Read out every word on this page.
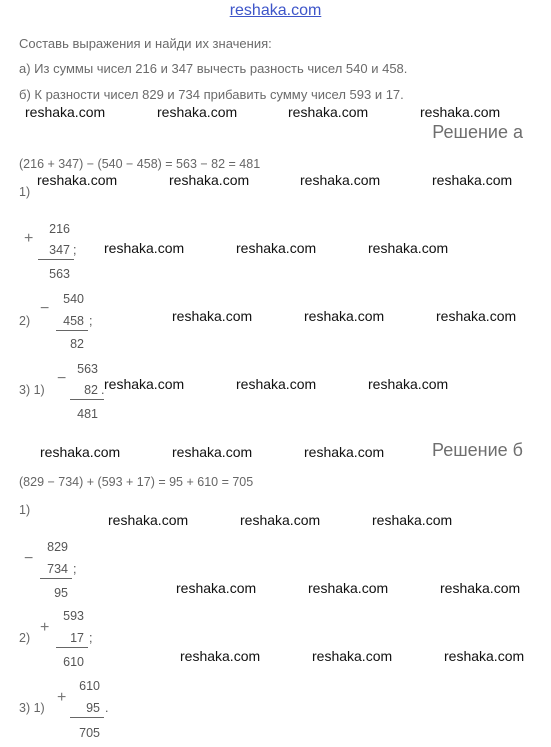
reshaka.com
Составь выражения и найди их значения:
а) Из суммы чисел 216 и 347 вычесть разность чисел 540 и 458.
б) К разности чисел 829 и 734 прибавить сумму чисел 593 и 17.
reshaka.com	reshaka.com	reshaka.com	reshaka.com
Решение а
(216 + 347) − (540 − 458) = 563 − 82 = 481
1)
reshaka.com	reshaka.com	reshaka.com	reshaka.com
+
216
347 ;
563
reshaka.com	reshaka.com	reshaka.com
2)
−
540
458 ;
82
reshaka.com	reshaka.com	reshaka.com
3) 1)
−
563
82 .
481
reshaka.com	reshaka.com	reshaka.com
reshaka.com	reshaka.com	reshaka.com	Решение б
(829 − 734) + (593 + 17) = 95 + 610 = 705
1)
reshaka.com	reshaka.com	reshaka.com
−
829
734 ;
95	reshaka.com	reshaka.com	reshaka.com
2)
+
593
17 ;
610	reshaka.com	reshaka.com	reshaka.com
3) 1)
+
610
95 .
705
